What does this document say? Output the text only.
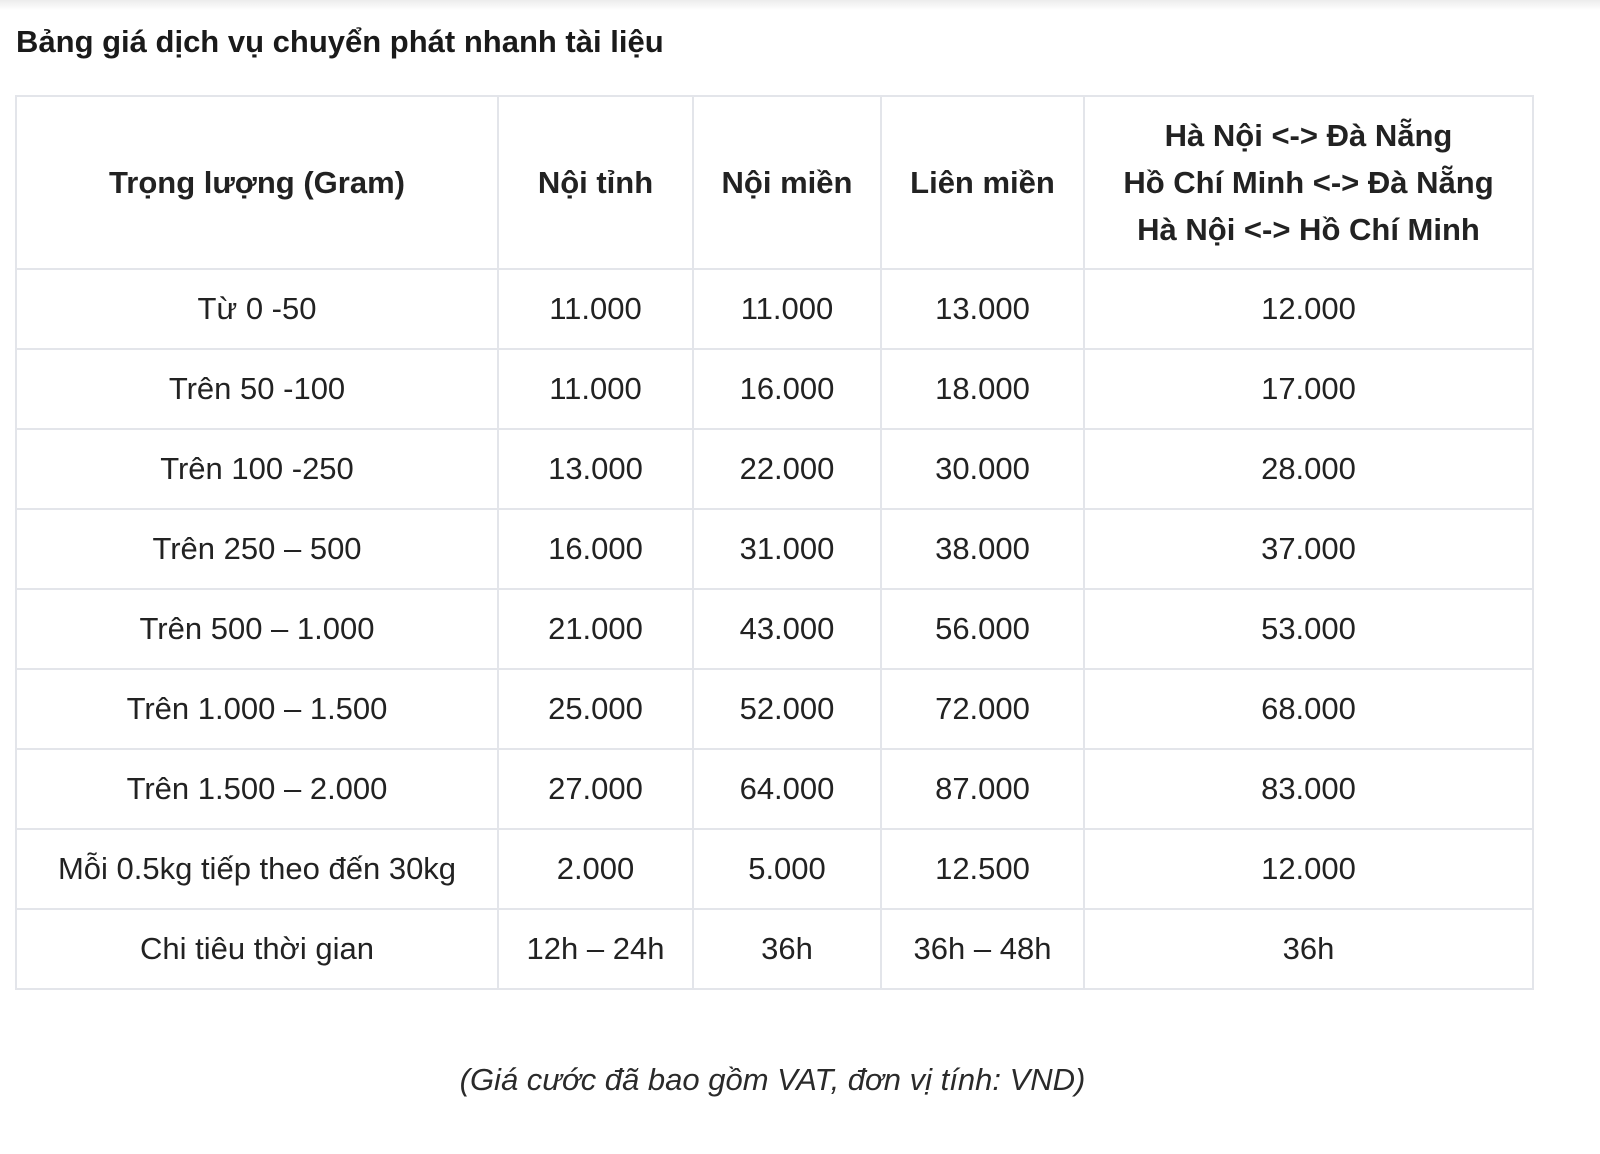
Bảng giá dịch vụ chuyển phát nhanh tài liệu
Trọng lượng (Gram)	Nội tỉnh	Nội miền	Liên miền	Hà Nội <-> Đà Nẵng
Hồ Chí Minh <-> Đà Nẵng
Hà Nội <-> Hồ Chí Minh

Từ 0 -50	11.000	11.000	13.000	12.000
Trên 50 -100	11.000	16.000	18.000	17.000
Trên 100 -250	13.000	22.000	30.000	28.000
Trên 250 – 500	16.000	31.000	38.000	37.000
Trên 500 – 1.000	21.000	43.000	56.000	53.000
Trên 1.000 – 1.500	25.000	52.000	72.000	68.000
Trên 1.500 – 2.000	27.000	64.000	87.000	83.000
Mỗi 0.5kg tiếp theo đến 30kg	2.000	5.000	12.500	12.000
Chi tiêu thời gian	12h – 24h	36h	36h – 48h	36h
(Giá cước đã bao gồm VAT, đơn vị tính: VND)
